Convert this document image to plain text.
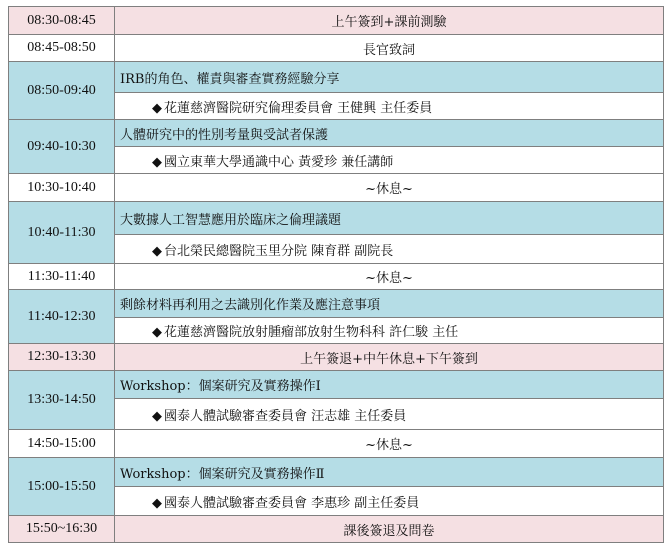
08:30-08:45	上午簽到+課前測驗
08:45-08:50	長官致詞
08:50-09:40	IRB的角色、權責與審查實務經驗分享
	◆ 花蓮慈濟醫院研究倫理委員會 王健興 主任委員
09:40-10:30	人體研究中的性別考量與受試者保護
	◆ 國立東華大學通識中心 黃愛珍 兼任講師
10:30-10:40	~休息~
10:40-11:30	大數據人工智慧應用於臨床之倫理議題
	◆ 台北榮民總醫院玉里分院 陳育群 副院長
11:30-11:40	~休息~
11:40-12:30	剩餘材料再利用之去識別化作業及應注意事項
	◆ 花蓮慈濟醫院放射腫瘤部放射生物科科 許仁駿 主任
12:30-13:30	上午簽退+中午休息+下午簽到
13:30-14:50	Workshop：個案研究及實務操作Ⅰ
	◆ 國泰人體試驗審查委員會 汪志雄 主任委員
14:50-15:00	~休息~
15:00-15:50	Workshop：個案研究及實務操作Ⅱ
	◆ 國泰人體試驗審查委員會 李惠珍 副主任委員
15:50~16:30	課後簽退及問卷
